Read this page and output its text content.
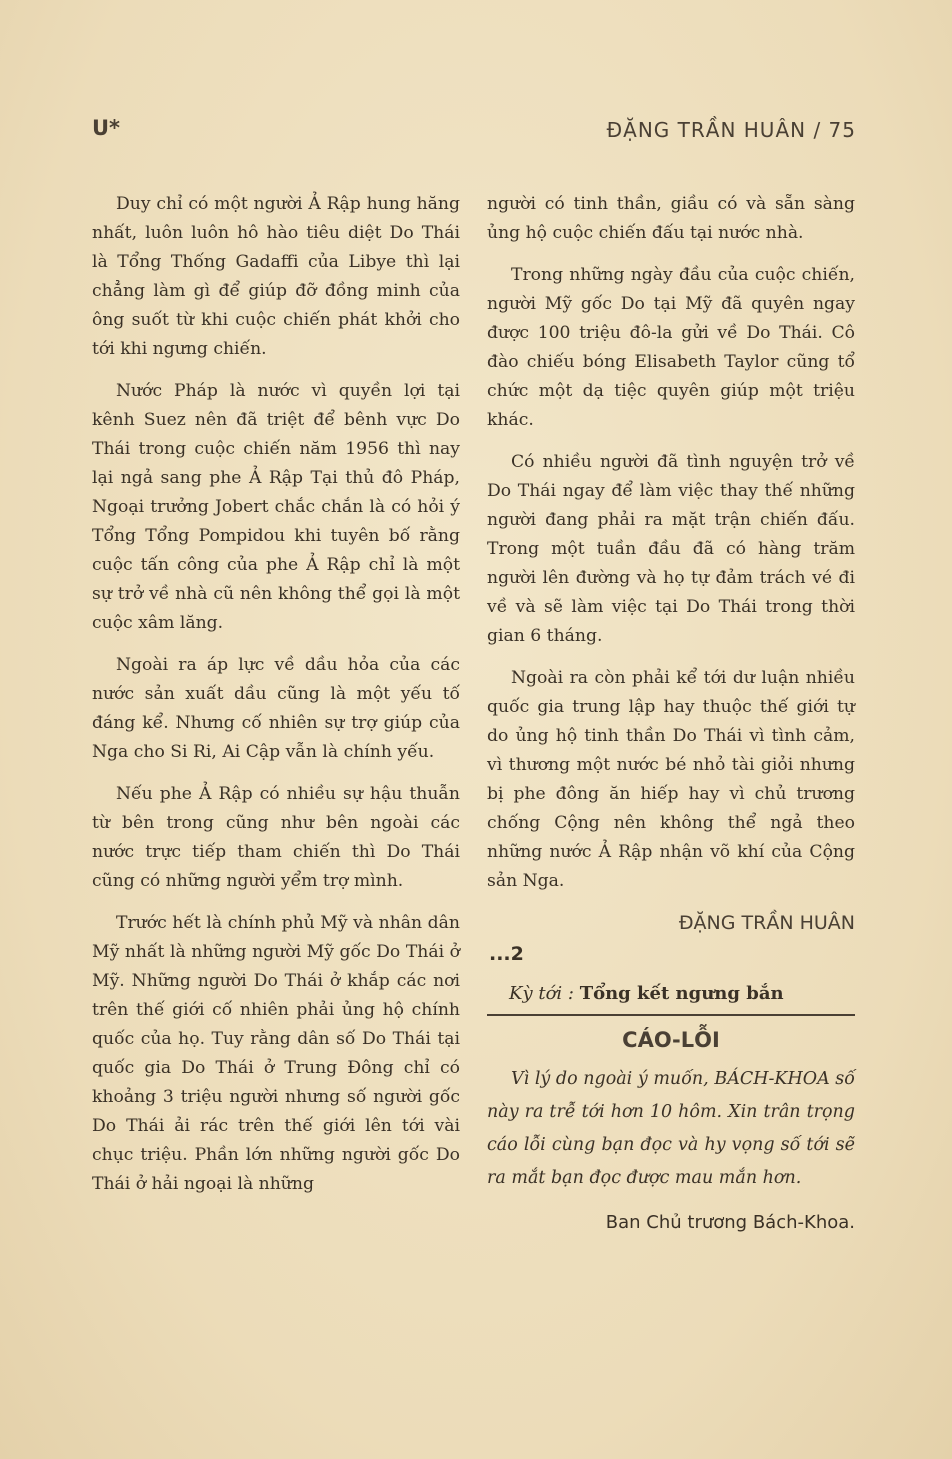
U*	ĐẶNG TRẦN HUÂN / 75

Duy chỉ có một người Ả Rập hung hăng nhất, luôn luôn hô hào tiêu diệt Do Thái là Tổng Thống Gadaffi của Libye thì lại chẳng làm gì để giúp đỡ đồng minh của ông suốt từ khi cuộc chiến phát khởi cho tới khi ngưng chiến.

Nước Pháp là nước vì quyền lợi tại kênh Suez nên đã triệt để bênh vực Do Thái trong cuộc chiến năm 1956 thì nay lại ngả sang phe Ả Rập Tại thủ đô Pháp, Ngoại trưởng Jobert chắc chắn là có hỏi ý Tổng Tổng Pompidou khi tuyên bố rằng cuộc tấn công của phe Ả Rập chỉ là một sự trở về nhà cũ nên không thể gọi là một cuộc xâm lăng.

Ngoài ra áp lực về dầu hỏa của các nước sản xuất dầu cũng là một yếu tố đáng kể. Nhưng cố nhiên sự trợ giúp của Nga cho Si Ri, Ai Cập vẫn là chính yếu.

Nếu phe Ả Rập có nhiều sự hậu thuẫn từ bên trong cũng như bên ngoài các nước trực tiếp tham chiến thì Do Thái cũng có những người yểm trợ mình.

Trước hết là chính phủ Mỹ và nhân dân Mỹ nhất là những người Mỹ gốc Do Thái ở Mỹ. Những người Do Thái ở khắp các nơi trên thế giới cố nhiên phải ủng hộ chính quốc của họ. Tuy rằng dân số Do Thái tại quốc gia Do Thái ở Trung Đông chỉ có khoảng 3 triệu người nhưng số người gốc Do Thái ải rác trên thế giới lên tới vài chục triệu. Phần lớn những người gốc Do Thái ở hải ngoại là những

người có tinh thần, giầu có và sẵn sàng ủng hộ cuộc chiến đấu tại nước nhà.

Trong những ngày đầu của cuộc chiến, người Mỹ gốc Do tại Mỹ đã quyên ngay được 100 triệu đô-la gửi về Do Thái. Cô đào chiếu bóng Elisabeth Taylor cũng tổ chức một dạ tiệc quyên giúp một triệu khác.

Có nhiều người đã tình nguyện trở về Do Thái ngay để làm việc thay thế những người đang phải ra mặt trận chiến đấu. Trong một tuần đầu đã có hàng trăm người lên đường và họ tự đảm trách vé đi về và sẽ làm việc tại Do Thái trong thời gian 6 tháng.

Ngoài ra còn phải kể tới dư luận nhiều quốc gia trung lập hay thuộc thế giới tự do ủng hộ tinh thần Do Thái vì tình cảm, vì thương một nước bé nhỏ tài giỏi nhưng bị phe đông ăn hiếp hay vì chủ trương chống Cộng nên không thể ngả theo những nước Ả Rập nhận võ khí của Cộng sản Nga.

ĐẶNG TRẦN HUÂN
...2
Kỳ tới : Tổng kết ngưng bắn
CÁO-LỖI

Vì lý do ngoài ý muốn, BÁCH-KHOA số này ra trễ tới hơn 10 hôm. Xin trân trọng cáo lỗi cùng bạn đọc và hy vọng số tới sẽ ra mắt bạn đọc được mau mắn hơn.

Ban Chủ trương Bách-Khoa.
